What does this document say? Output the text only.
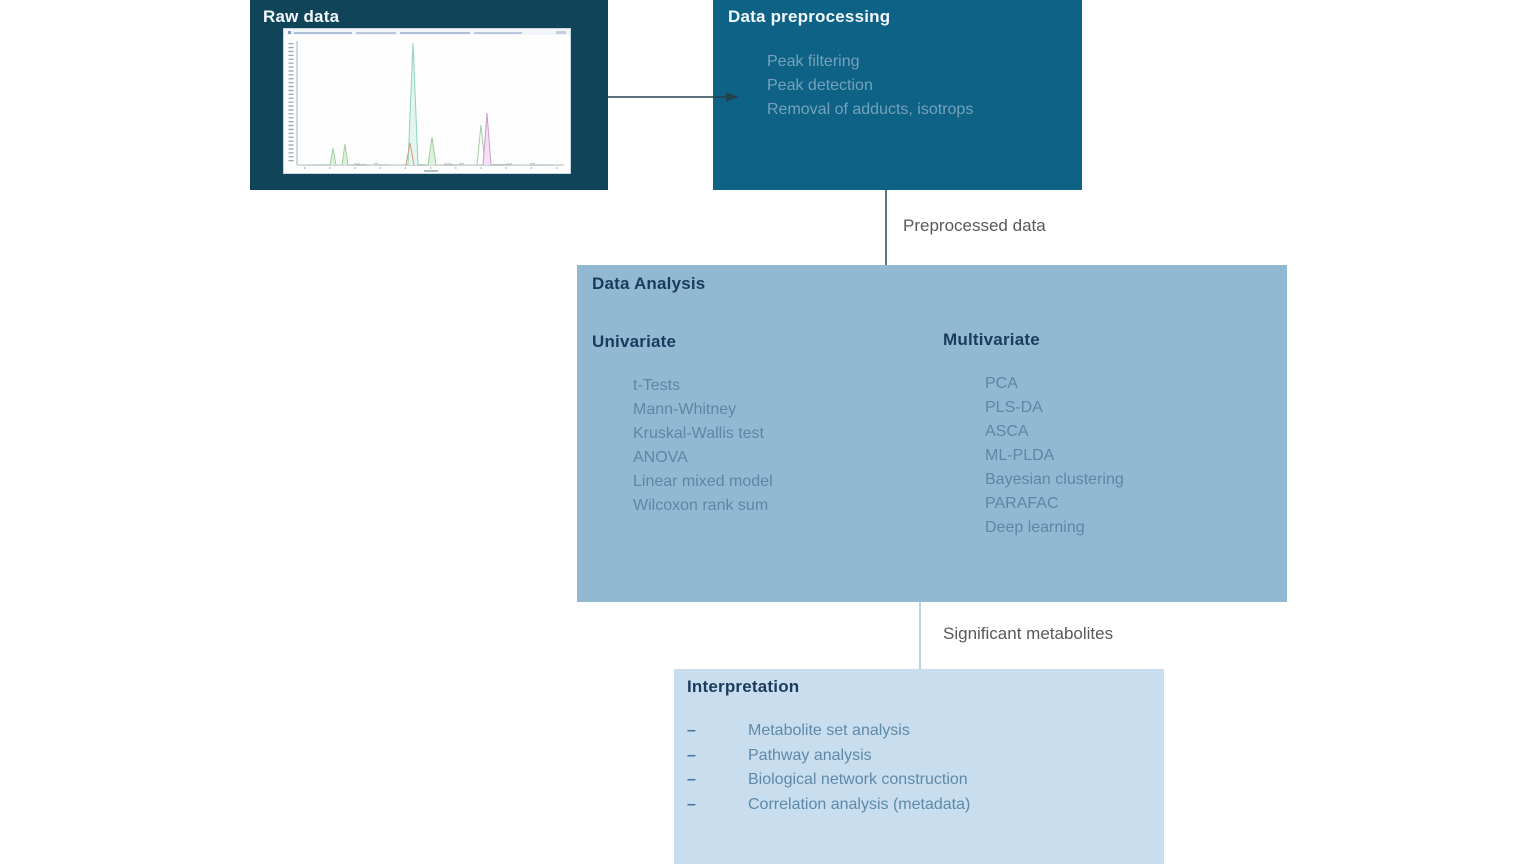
Raw data	Data preprocessing
Peak filtering
Peak detection
Removal of adducts, isotrops
Preprocessed data
Data Analysis
Univariate
t-Tests
Mann-Whitney
Kruskal-Wallis test
ANOVA
Linear mixed model
Wilcoxon rank sum
Multivariate
PCA
PLS-DA
ASCA
ML-PLDA
Bayesian clustering
PARAFAC
Deep learning
Significant metabolites
Interpretation
–	Metabolite set analysis
–	Pathway analysis
–	Biological network construction
–	Correlation analysis (metadata)
